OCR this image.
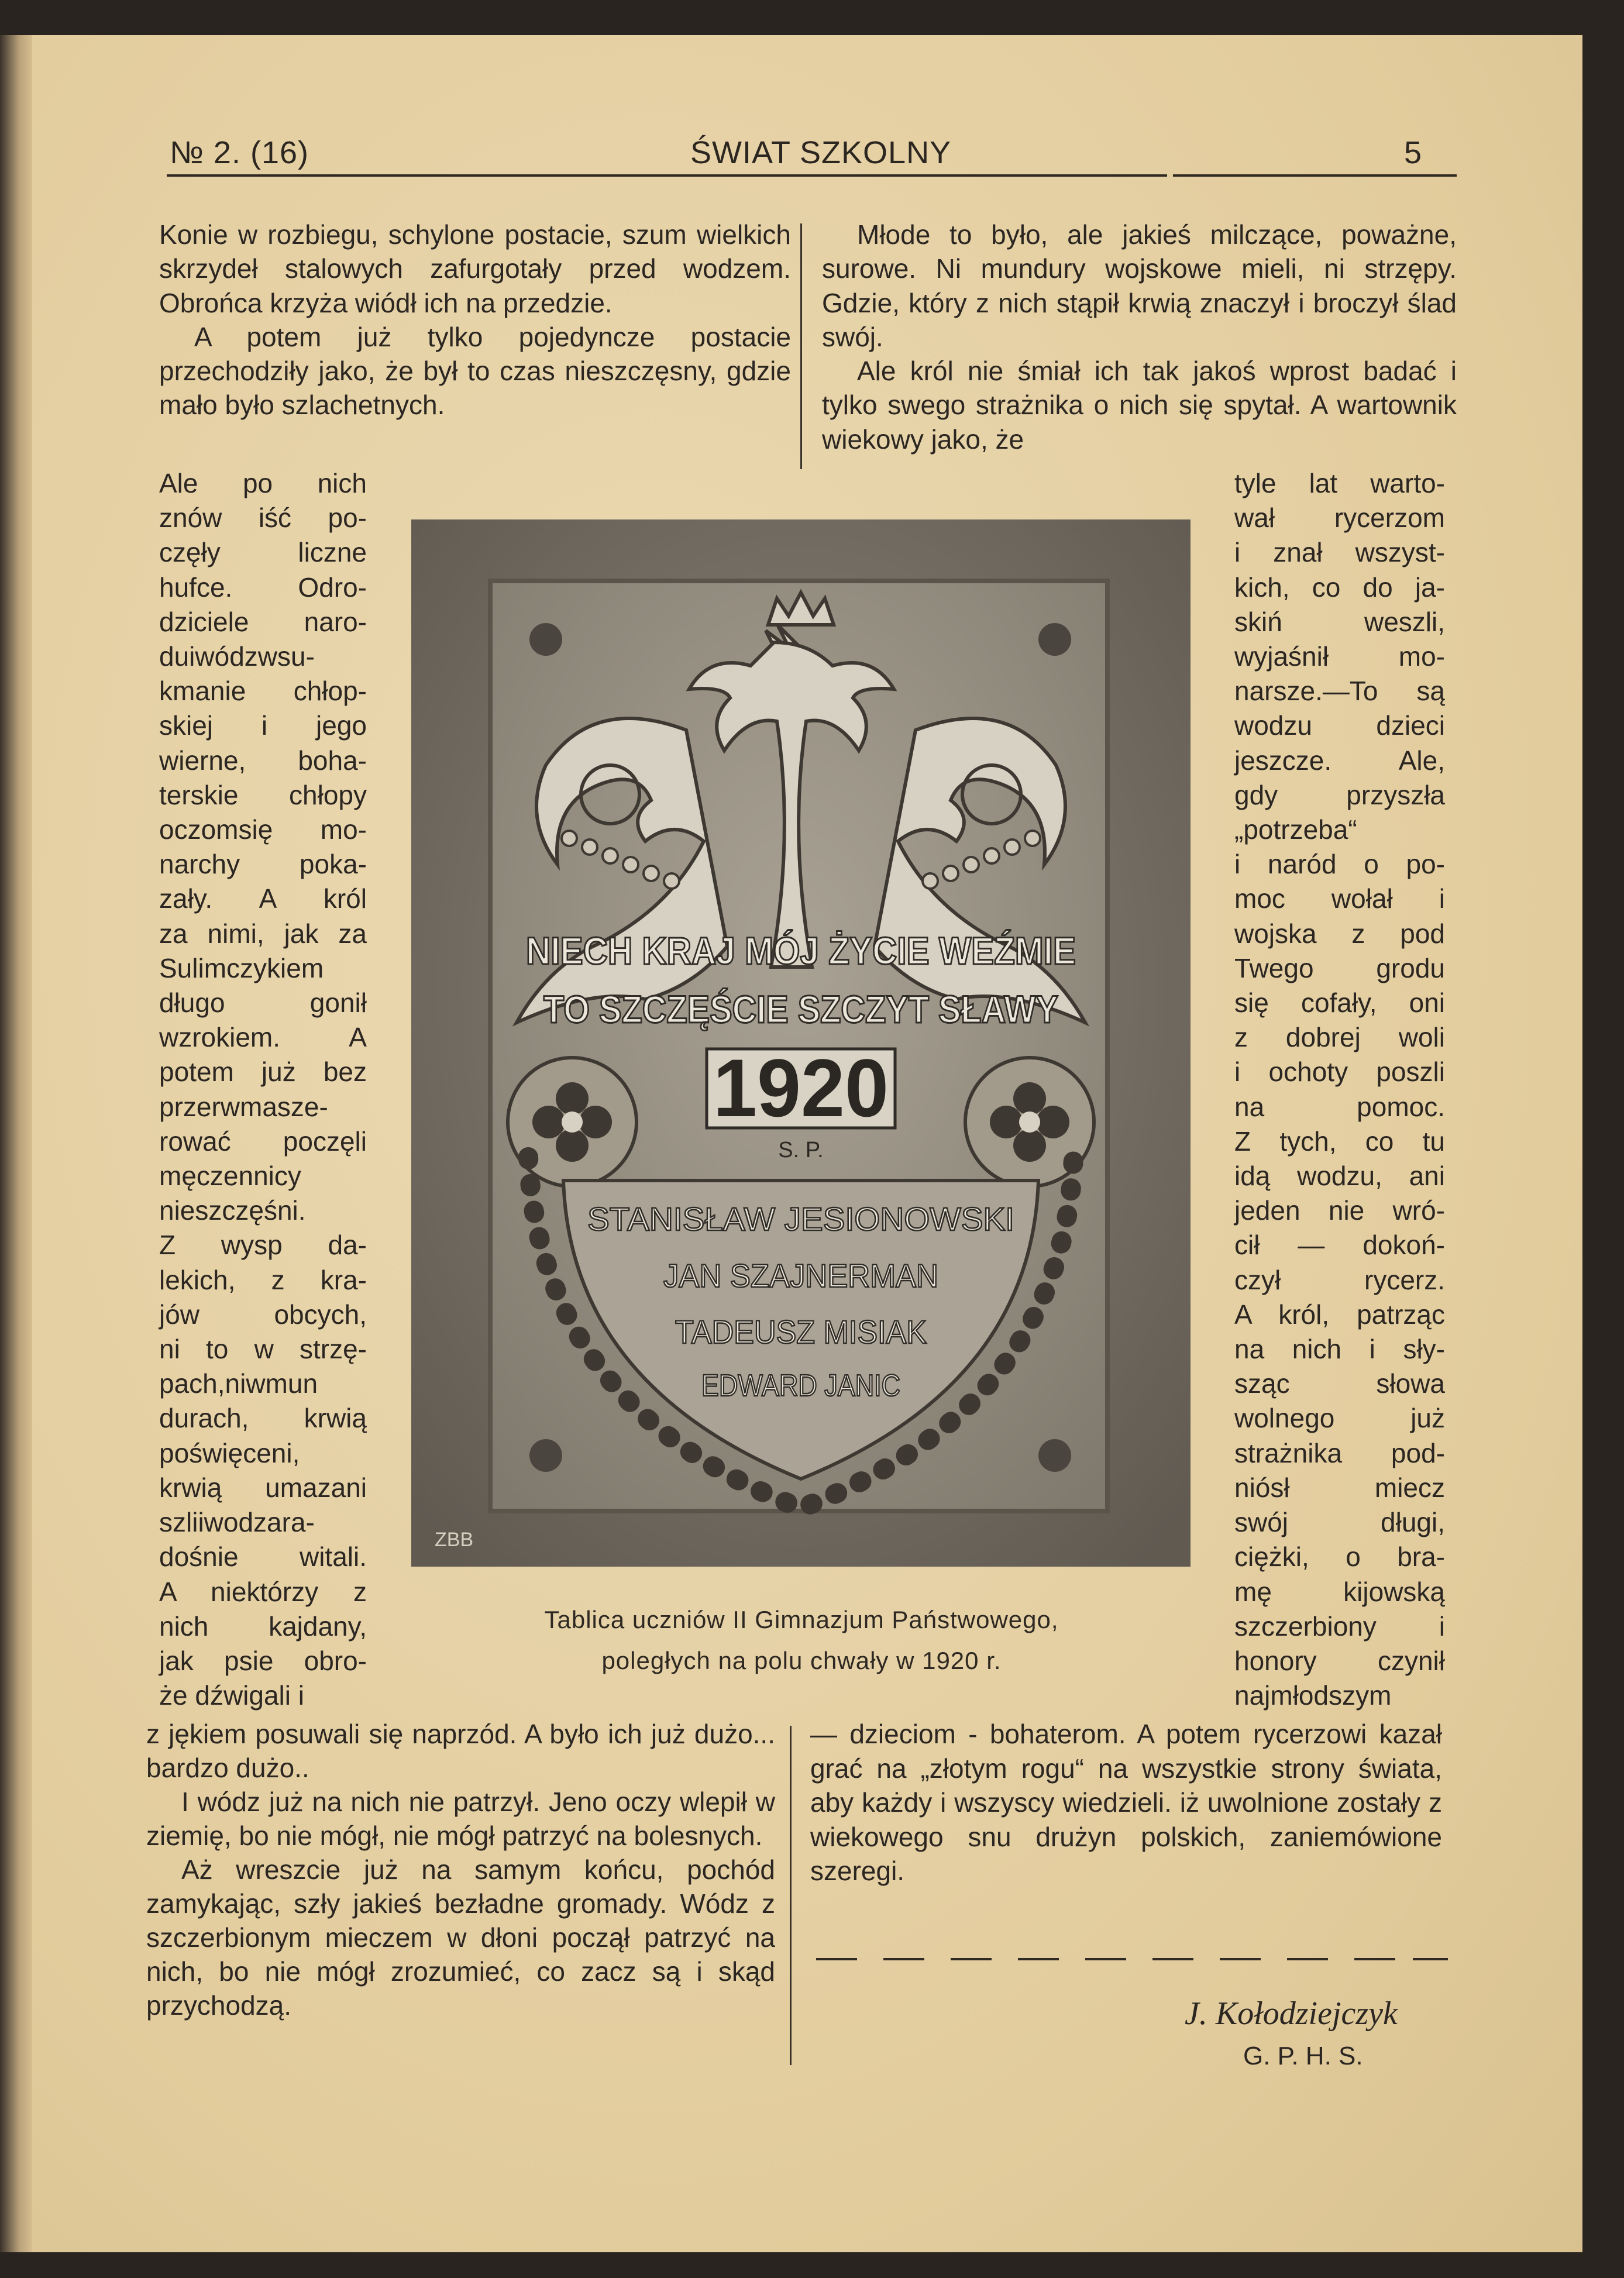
№ 2. (16)	ŚWIAT SZKOLNY	5

Konie w rozbiegu, schylone postacie, szum wielkich skrzydeł stalowych zafurgotały przed wodzem. Obrońca krzyża wiódł ich na przedzie.

A potem już tylko pojedyncze postacie przechodziły jako, że był to czas nieszczęsny, gdzie mało było szlachetnych.

Ale po nich
znów iść po-
częły liczne
hufce. Odro-
dziciele naro-
duiwódzwsu-
kmanie chłop-
skiej i jego
wierne, boha-
terskie chłopy
oczomsię mo-
narchy poka-
zały. A król
za nimi, jak za
Sulimczykiem
długo gonił
wzrokiem. A
potem już bez
przerwmasze-
rować poczęli
męczennicy
nieszczęśni.
Z wysp da-
lekich, z kra-
jów obcych,
ni to w strzę-
pach,niwmun
durach, krwią
poświęceni,
krwią umazani
szliiwodzara-
dośnie witali.
A niektórzy z
nich kajdany,
jak psie obro-
że dźwigali i

z jękiem posuwali się naprzód. A było ich już dużo... bardzo dużo..

I wódz już na nich nie patrzył. Jeno oczy wlepił w ziemię, bo nie mógł, nie mógł patrzyć na bolesnych.

Aż wreszcie już na samym końcu, pochód zamykając, szły jakieś bezładne gromady. Wódz z szczerbionym mieczem w dłoni począł patrzyć na nich, bo nie mógł zrozumieć, co zacz są i skąd przychodzą.

Młode to było, ale jakieś milczące, poważne, surowe. Ni mundury wojskowe mieli, ni strzępy. Gdzie, który z nich stąpił krwią znaczył i broczył ślad swój.

Ale król nie śmiał ich tak jakoś wprost badać i tylko swego strażnika o nich się spytał. A wartownik wiekowy jako, że

tyle lat warto-
wał rycerzom
i znał wszyst-
kich, co do ja-
skiń weszli,
wyjaśnił mo-
narsze.—To są
wodzu dzieci
jeszcze. Ale,
gdy przyszła
„potrzeba“
i naród o po-
moc wołał i
wojska z pod
Twego grodu
się cofały, oni
z dobrej woli
i ochoty poszli
na pomoc.
Z tych, co tu
idą wodzu, ani
jeden nie wró-
cił — dokoń-
czył rycerz.
A król, patrząc
na nich i sły-
sząc słowa
wolnego już
strażnika pod-
niósł miecz
swój długi,
ciężki, o bra-
mę kijowską
szczerbiony i
honory czynił
najmłodszym

— dzieciom - bohaterom. A potem rycerzowi kazał grać na „złotym rogu“ na wszystkie strony świata, aby każdy i wszyscy wiedzieli. iż uwolnione zostały z wiekowego snu drużyn polskich, zaniemówione szeregi.

NIECH KRAJ MÓJ ŻYCIE WEŹMIE
TO SZCZĘŚCIE SZCZYT SŁAWY
1920
S. P.
STANISŁAW JESIONOWSKI
JAN SZAJNERMAN
TADEUSZ MISIAK
EDWARD JANIC
ZBB
Tablica uczniów II Gimnazjum Państwowego,
poległych na polu chwały w 1920 r.
J. Kołodziejczyk
G. P. H. S.
